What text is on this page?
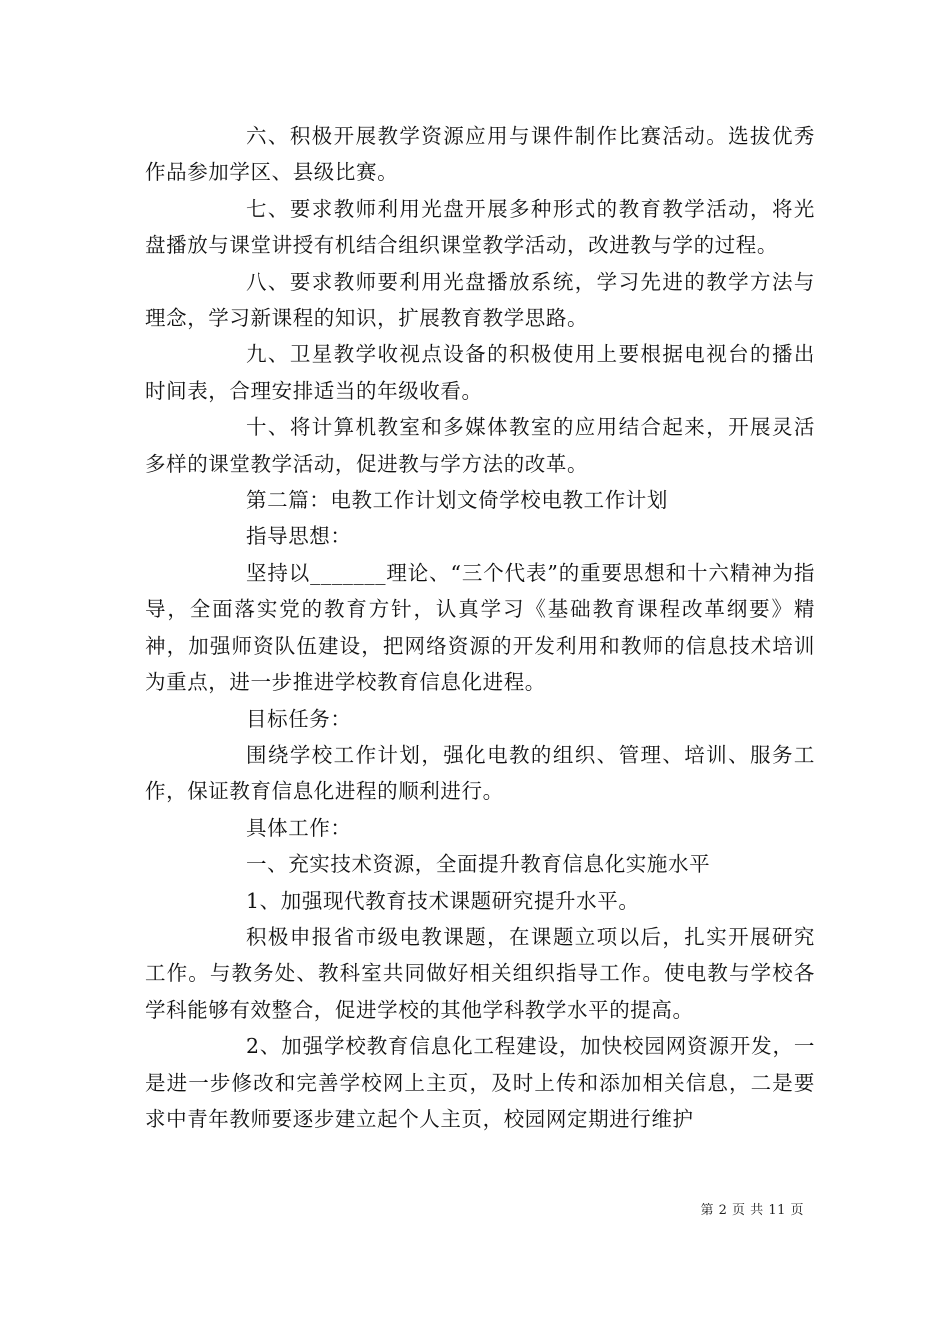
六、积极开展教学资源应用与课件制作比赛活动。选拔优秀作品参加学区、县级比赛。

七、要求教师利用光盘开展多种形式的教育教学活动，将光盘播放与课堂讲授有机结合组织课堂教学活动，改进教与学的过程。

八、要求教师要利用光盘播放系统，学习先进的教学方法与理念，学习新课程的知识，扩展教育教学思路。

九、卫星教学收视点设备的积极使用上要根据电视台的播出时间表，合理安排适当的年级收看。

十、将计算机教室和多媒体教室的应用结合起来，开展灵活多样的课堂教学活动，促进教与学方法的改革。

第二篇：电教工作计划文倚学校电教工作计划

指导思想：

坚持以_______理论、“三个代表”的重要思想和十六精神为指导，全面落实党的教育方针，认真学习《基础教育课程改革纲要》精神，加强师资队伍建设，把网络资源的开发利用和教师的信息技术培训为重点，进一步推进学校教育信息化进程。

目标任务：

围绕学校工作计划，强化电教的组织、管理、培训、服务工作，保证教育信息化进程的顺利进行。

具体工作：

一、充实技术资源，全面提升教育信息化实施水平

1、加强现代教育技术课题研究提升水平。

积极申报省市级电教课题，在课题立项以后，扎实开展研究工作。与教务处、教科室共同做好相关组织指导工作。使电教与学校各学科能够有效整合，促进学校的其他学科教学水平的提高。

2、加强学校教育信息化工程建设，加快校园网资源开发，一是进一步修改和完善学校网上主页，及时上传和添加相关信息，二是要求中青年教师要逐步建立起个人主页，校园网定期进行维护

第 2 页 共 11 页
